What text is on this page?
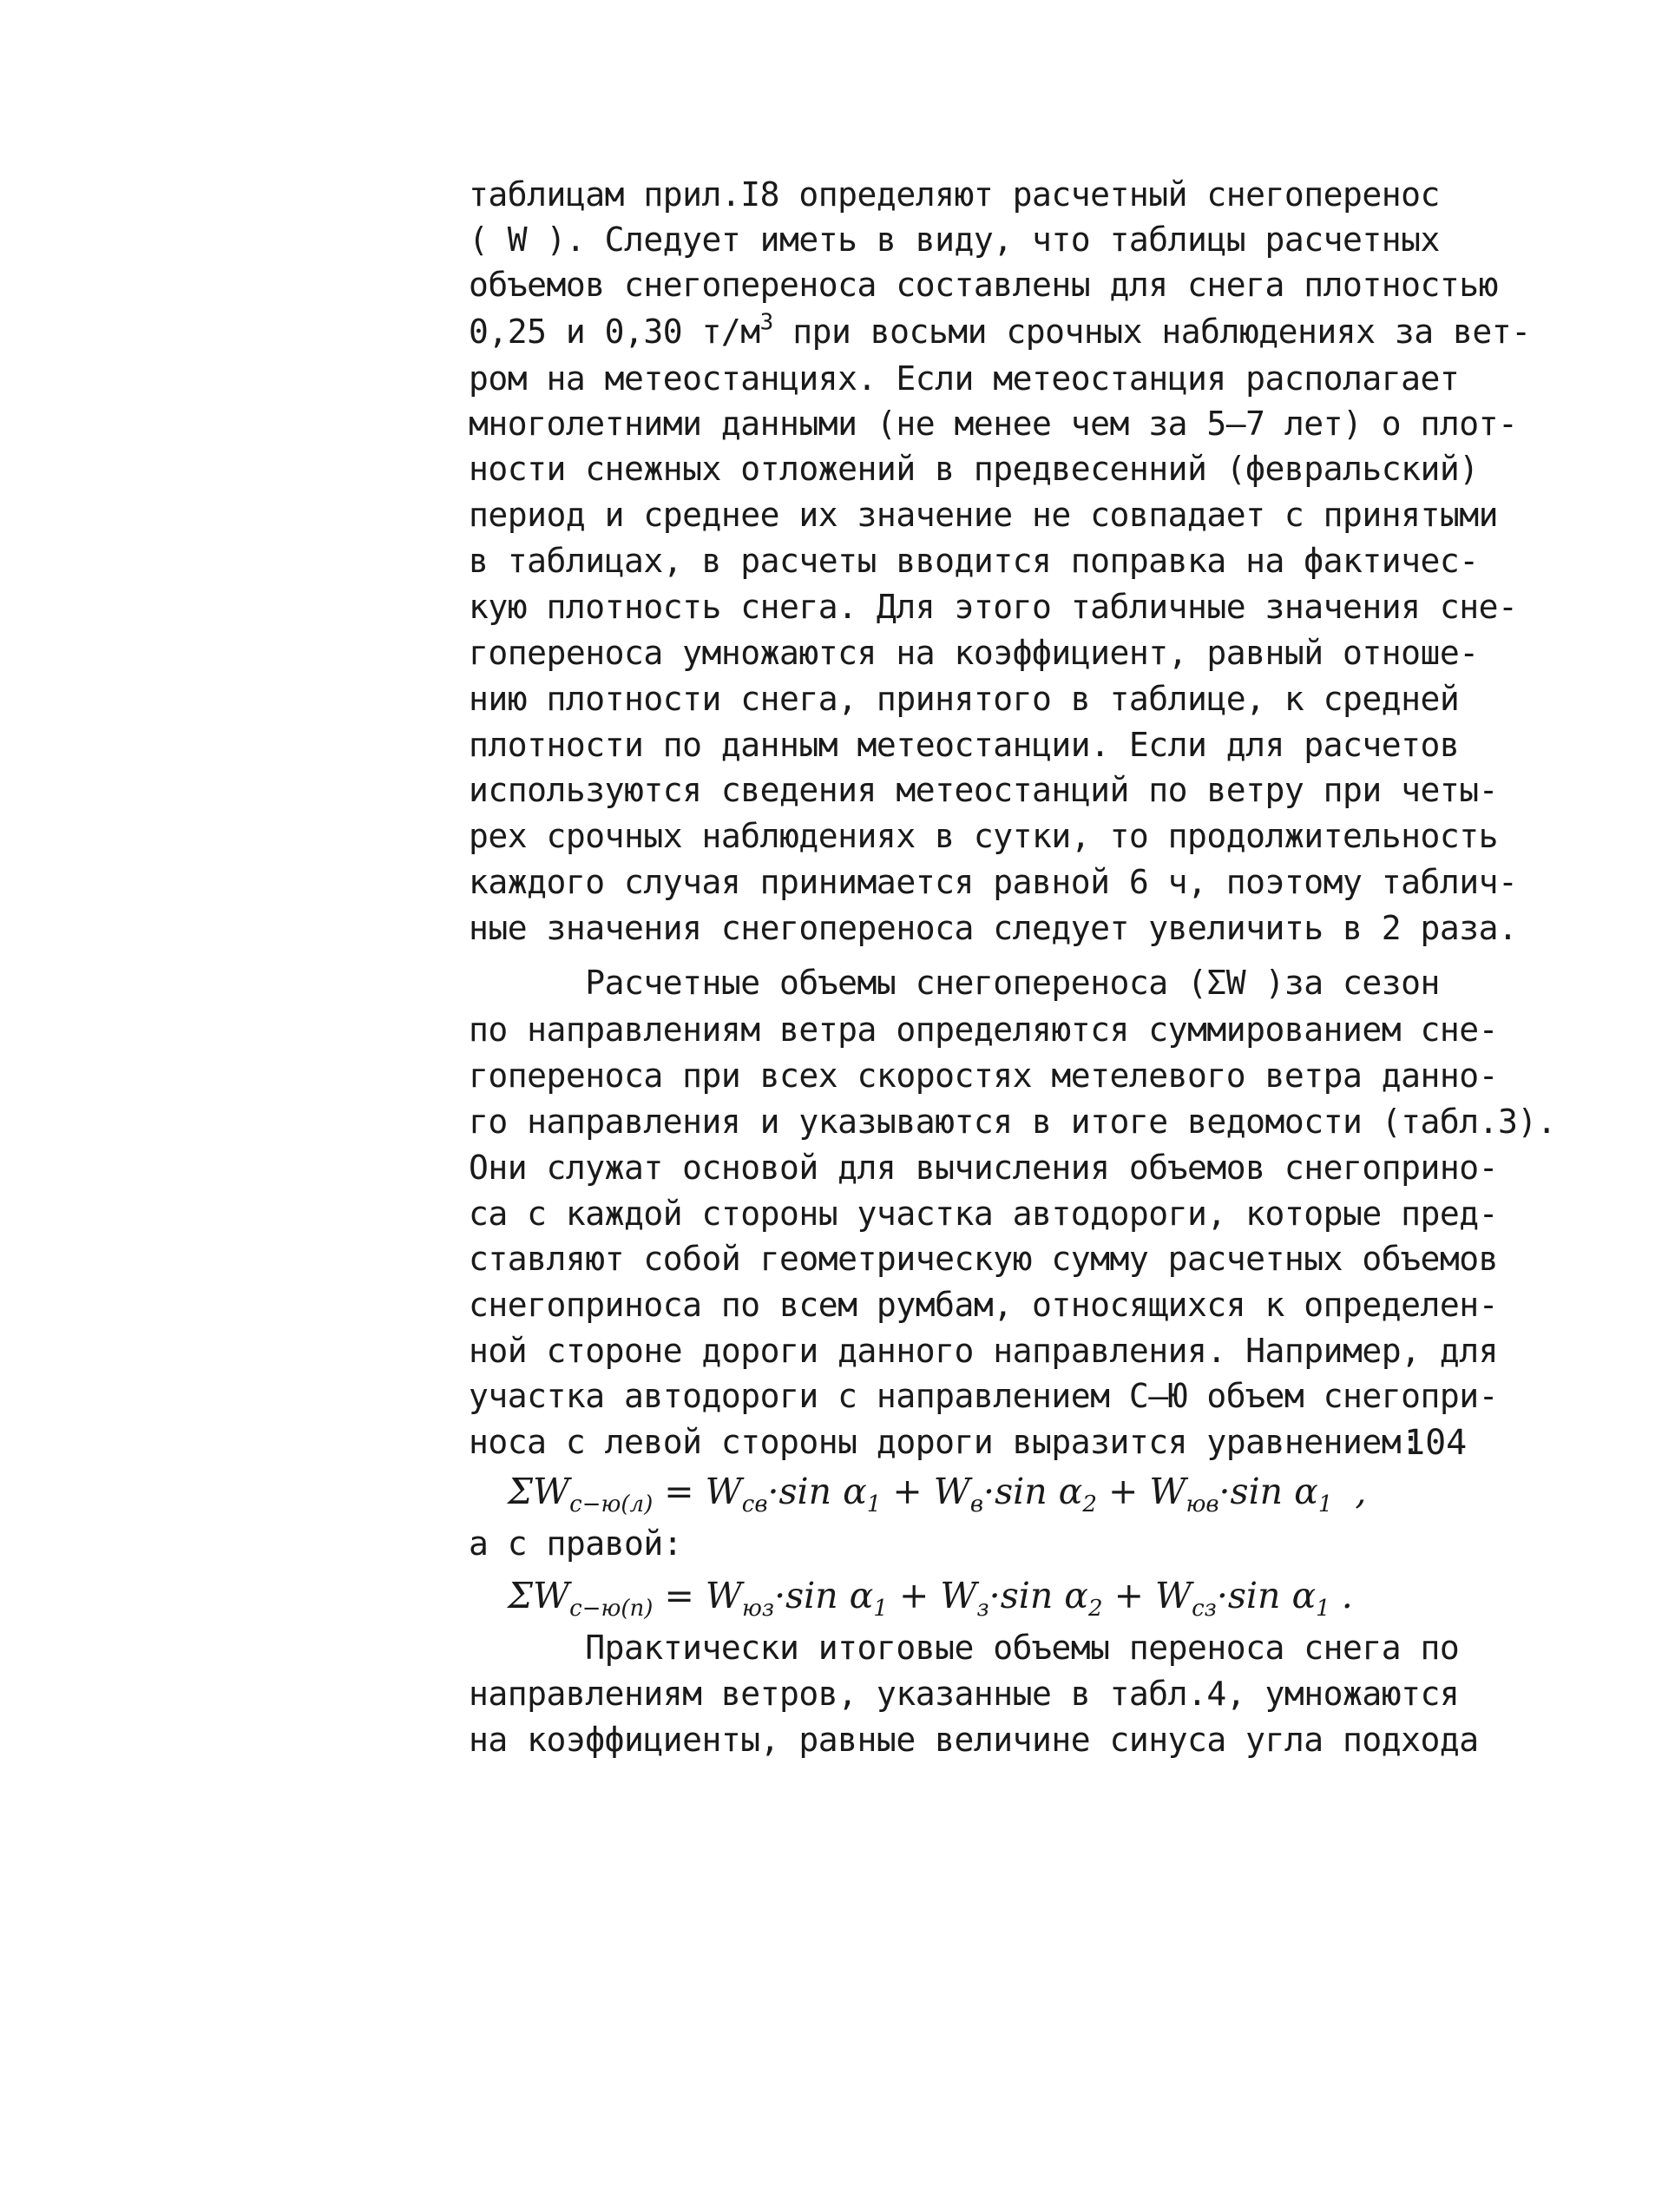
таблицам прил.I8 определяют расчетный снегоперенос
( W ). Следует иметь в виду, что таблицы расчетных
объемов снегопереноса составлены для снега плотностью
0,25 и 0,30 $т/м^3$ при восьми срочных наблюдениях за вет-
ром на метеостанциях. Если метеостанция располагает
многолетними данными (не менее чем за 5–7 лет) о плот-
ности снежных отложений в предвесенний (февральский)
период и среднее их значение не совпадает с принятыми
в таблицах, в расчеты вводится поправка на фактичес-
кую плотность снега. Для этого табличные значения сне-
гопереноса умножаются на коэффициент, равный отноше-
нию плотности снега, принятого в таблице, к средней
плотности по данным метеостанции. Если для расчетов
используются сведения метеостанций по ветру при четы-
рех срочных наблюдениях в сутки, то продолжительность
каждого случая принимается равной 6 ч, поэтому таблич-
ные значения снегопереноса следует увеличить в 2 раза.
Расчетные объемы снегопереноса (ΣW )за сезон
по направлениям ветра определяются суммированием сне-
гопереноса при всех скоростях метелевого ветра данно-
го направления и указываются в итоге ведомости (табл.3).
Они служат основой для вычисления объемов снегоприно-
са с каждой стороны участка автодороги, которые пред-
ставляют собой геометрическую сумму расчетных объемов
снегоприноса по всем румбам, относящихся к определен-
ной стороне дороги данного направления. Например, для
участка автодороги с направлением С–Ю объем снегопри-
носа с левой стороны дороги выразится уравнением:
$\Sigma W_{с-ю(л)} = W_{св}\cdot\sin$ $\alpha_1 + W_в\cdot\sin$ $\alpha_2 + W_{юв}\cdot\sin$ $\alpha_1$  ,
а с правой:
$\Sigma W_{с-ю(п)} = W_{юз}\cdot\sin$ $\alpha_1 + W_з\cdot\sin$ $\alpha_2 + W_{сз}\cdot\sin$ $\alpha_1$ .
Практически итоговые объемы переноса снега по
направлениям ветров, указанные в табл.4, умножаются
на коэффициенты, равные величине синуса угла подхода
104
